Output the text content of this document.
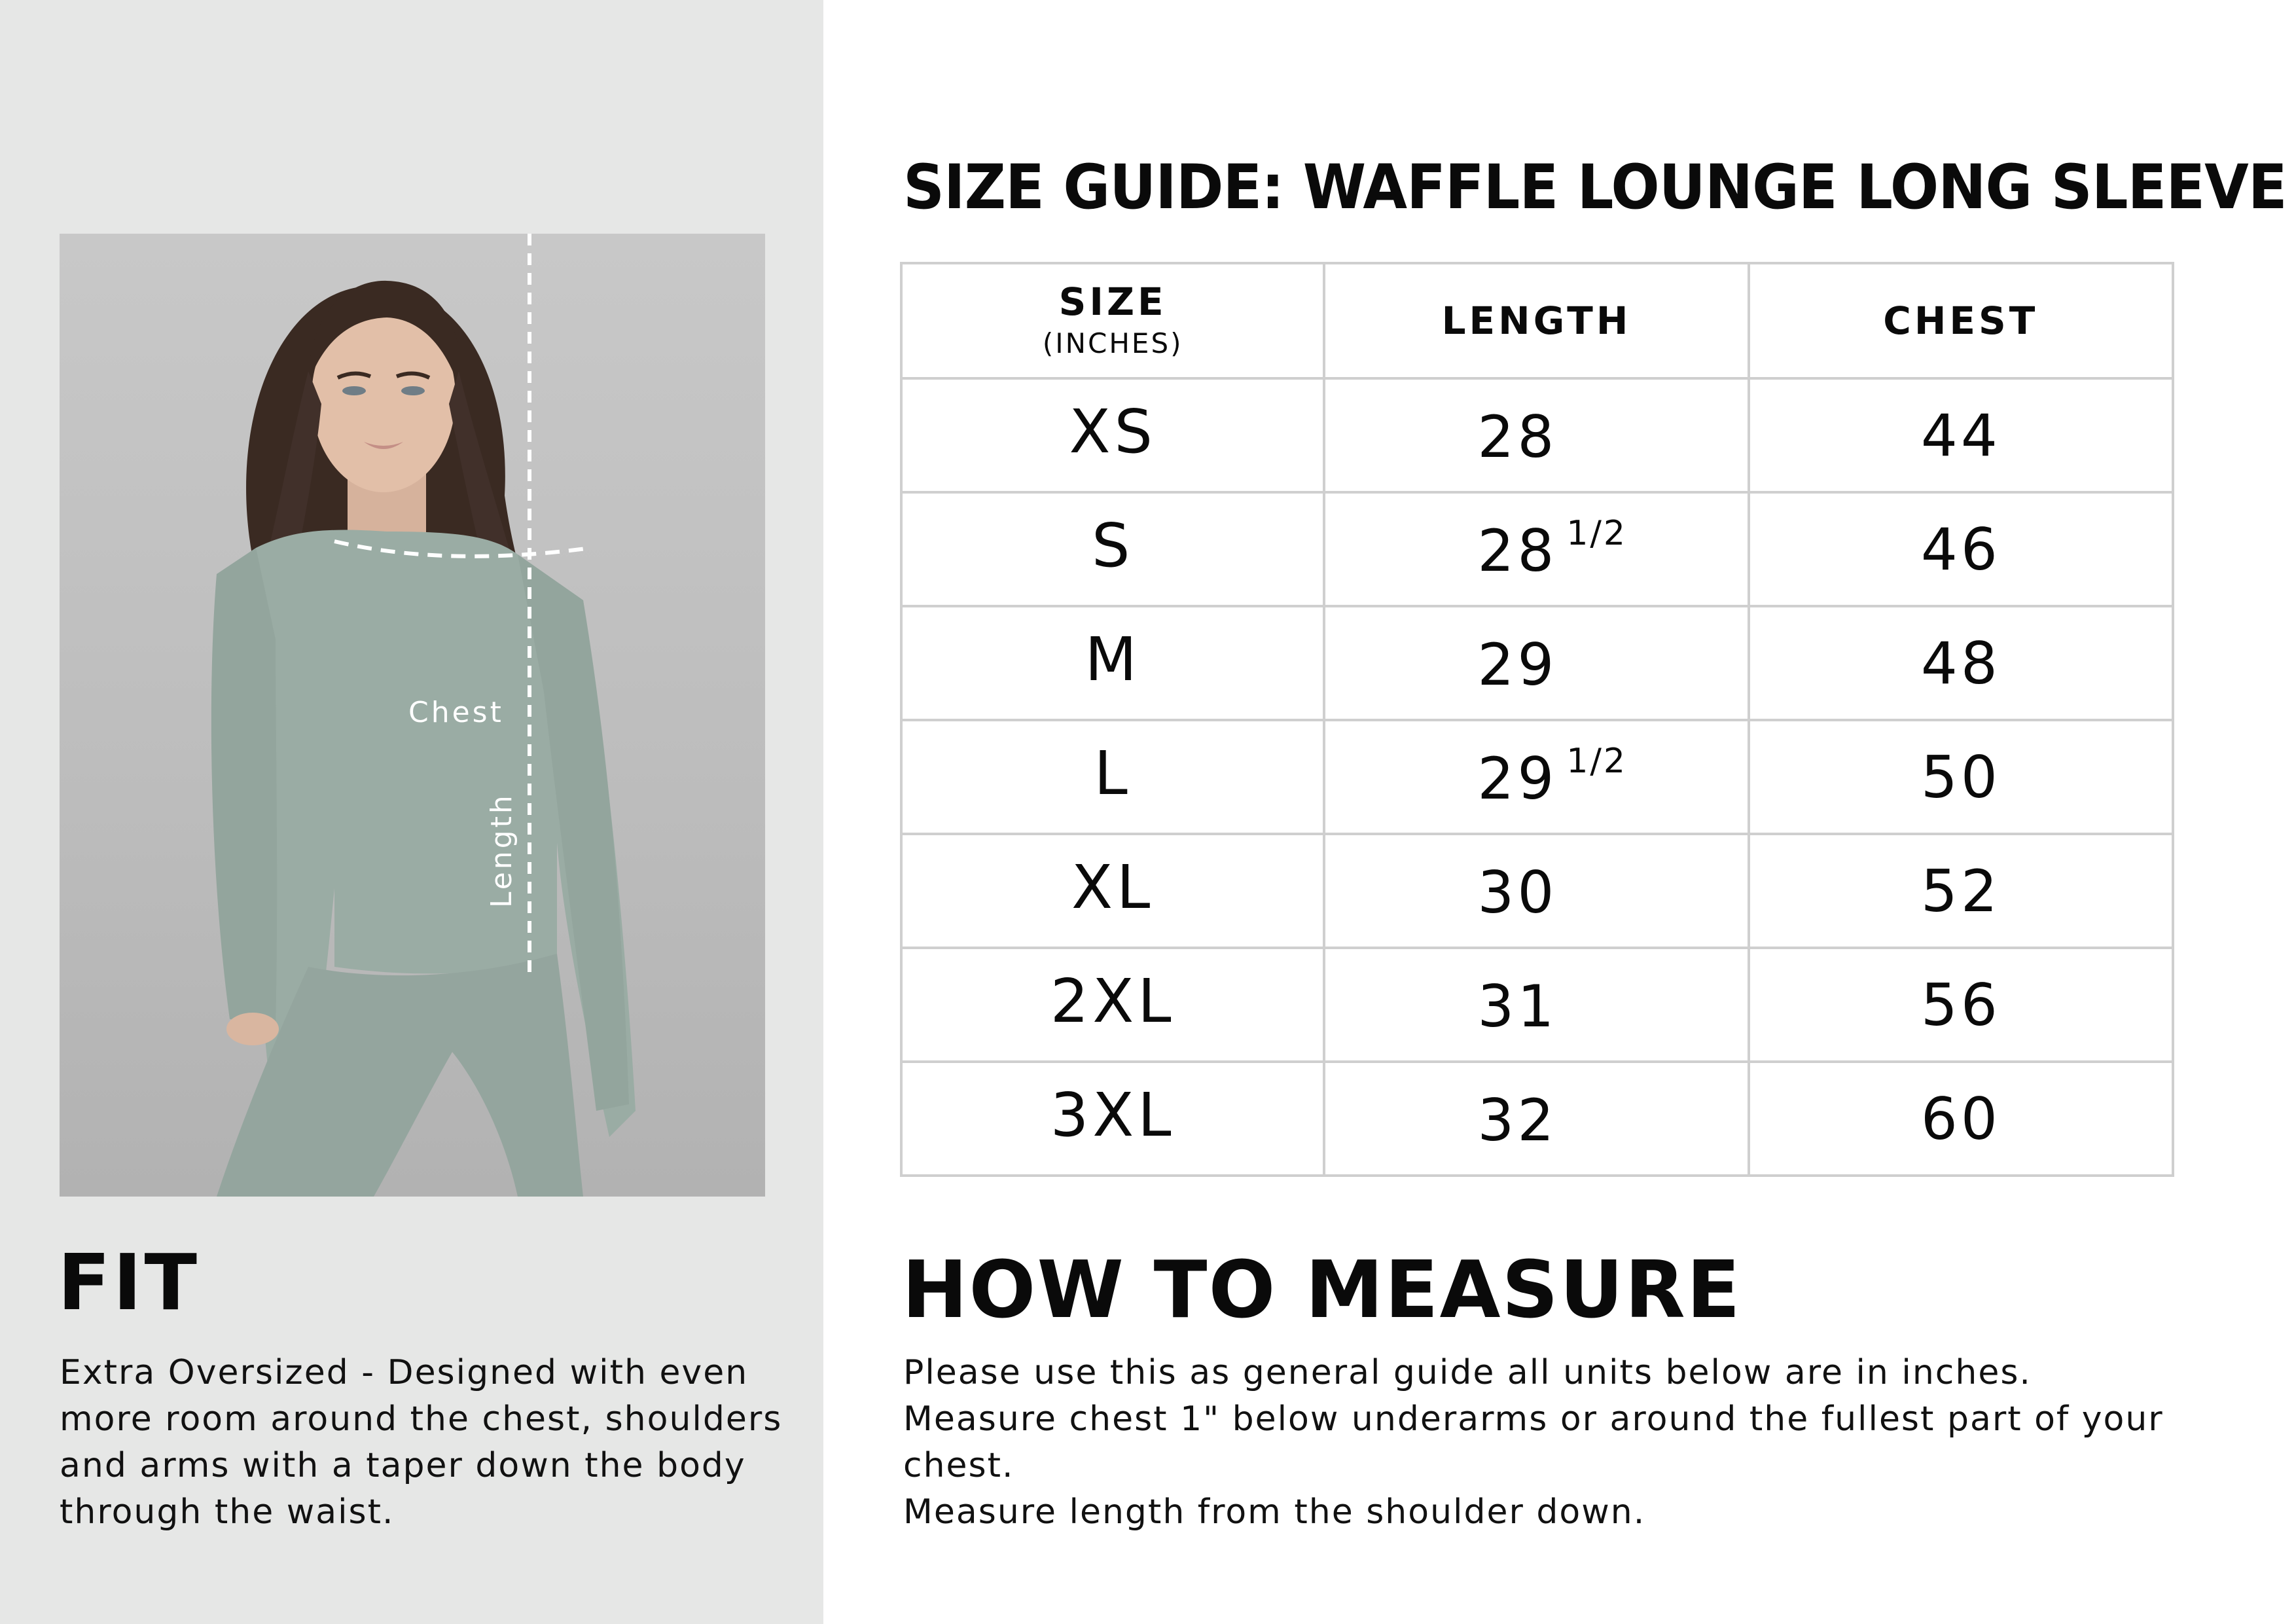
Chest
Length
FIT
Extra Oversized - Designed with even
more room around the chest, shoulders
and arms with a taper down the body
through the waist.
SIZE GUIDE: WAFFLE LOUNGE LONG SLEEVE
SIZE
(INCHES)	LENGTH	CHEST

XS	28	44
S	28 $^{1/2}$	46
M	29	48
L	29 $^{1/2}$	50
XL	30	52
2XL	31	56
3XL	32	60
HOW TO MEASURE
Please use this as general guide all units below are in inches.
Measure chest 1" below underarms or around the fullest part of your
chest.
Measure length from the shoulder down.
